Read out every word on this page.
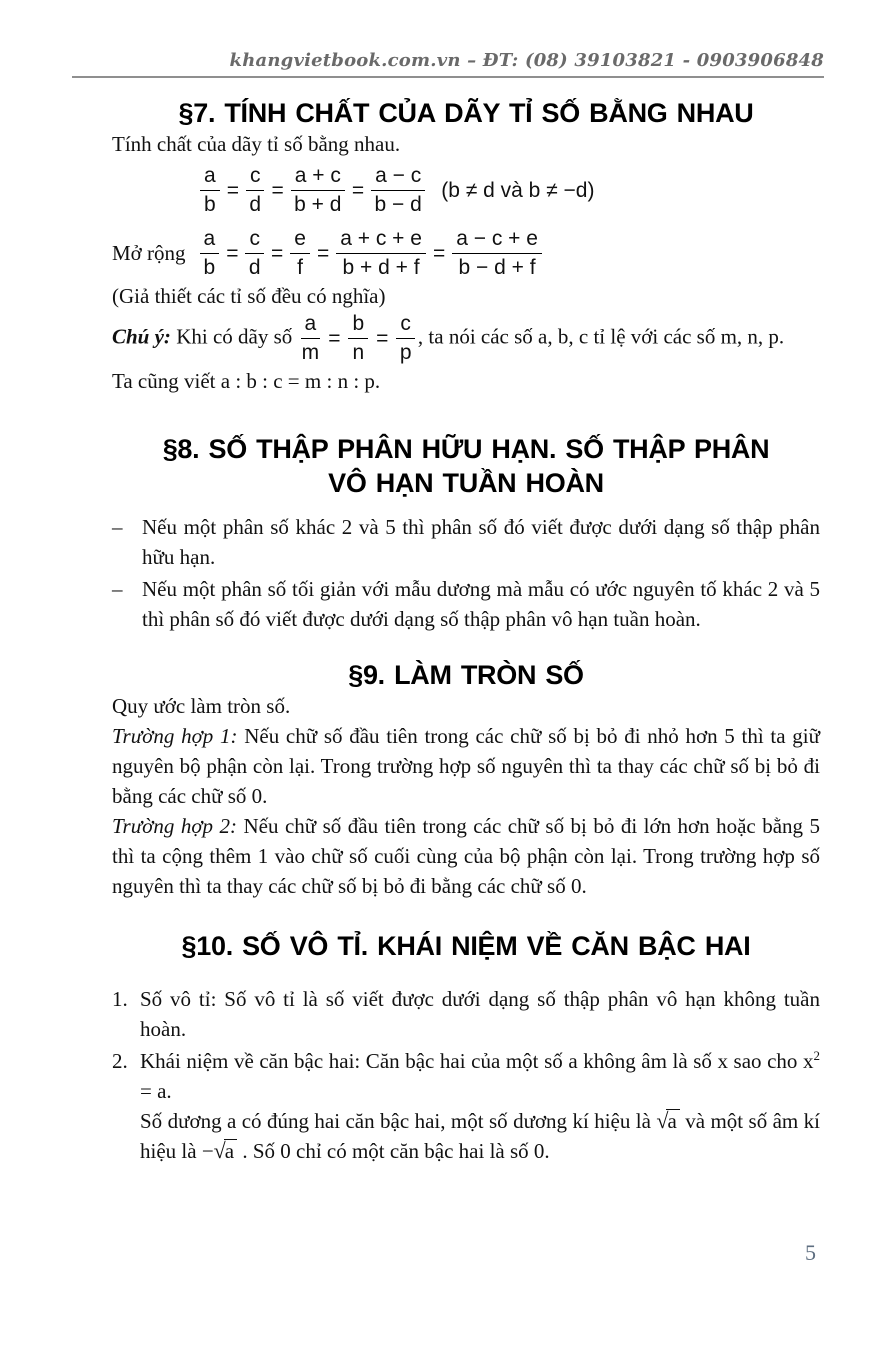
khangvietbook.com.vn – ĐT: (08) 39103821 - 0903906848
§7. TÍNH CHẤT CỦA DÃY TỈ SỐ BẰNG NHAU

Tính chất của dãy tỉ số bằng nhau.

$\frac{a}{b} = \frac{c}{d} = \frac{a + c}{b + d} = \frac{a - c}{b - d} (b \ne d$ và b ≠ −d)
Mở rộng $\frac{a}{b} = \frac{c}{d} = \frac{e}{f} = \frac{a + c + e}{b + d + f} = \frac{a - c + e}{b - d + f}$

(Giả thiết các tỉ số đều có nghĩa)

Chú ý: Khi có dãy số $\frac{a}{m} = \frac{b}{n} = \frac{c}{p}$ , ta nói các số a, b, c tỉ lệ với các số m, n, p.

Ta cũng viết a : b : c = m : n : p.

§8. SỐ THẬP PHÂN HỮU HẠN. SỐ THẬP PHÂN
VÔ HẠN TUẦN HOÀN
– Nếu một phân số khác 2 và 5 thì phân số đó viết được dưới dạng số thập phân hữu hạn.
– Nếu một phân số tối giản với mẫu dương mà mẫu có ước nguyên tố khác 2 và 5 thì phân số đó viết được dưới dạng số thập phân vô hạn tuần hoàn.
§9. LÀM TRÒN SỐ

Quy ước làm tròn số.

Trường hợp 1: Nếu chữ số đầu tiên trong các chữ số bị bỏ đi nhỏ hơn 5 thì ta giữ nguyên bộ phận còn lại. Trong trường hợp số nguyên thì ta thay các chữ số bị bỏ đi bằng các chữ số 0.

Trường hợp 2: Nếu chữ số đầu tiên trong các chữ số bị bỏ đi lớn hơn hoặc bằng 5 thì ta cộng thêm 1 vào chữ số cuối cùng của bộ phận còn lại. Trong trường hợp số nguyên thì ta thay các chữ số bị bỏ đi bằng các chữ số 0.

§10. SỐ VÔ TỈ. KHÁI NIỆM VỀ CĂN BẬC HAI
1. Số vô tỉ: Số vô tỉ là số viết được dưới dạng số thập phân vô hạn không tuần hoàn.
2. Khái niệm về căn bậc hai: Căn bậc hai của một số a không âm là số x sao cho $x^2 = a$.

Số dương a có đúng hai căn bậc hai, một số dương kí hiệu là √a và một số âm kí hiệu là −√a . Số 0 chỉ có một căn bậc hai là số 0.

5
